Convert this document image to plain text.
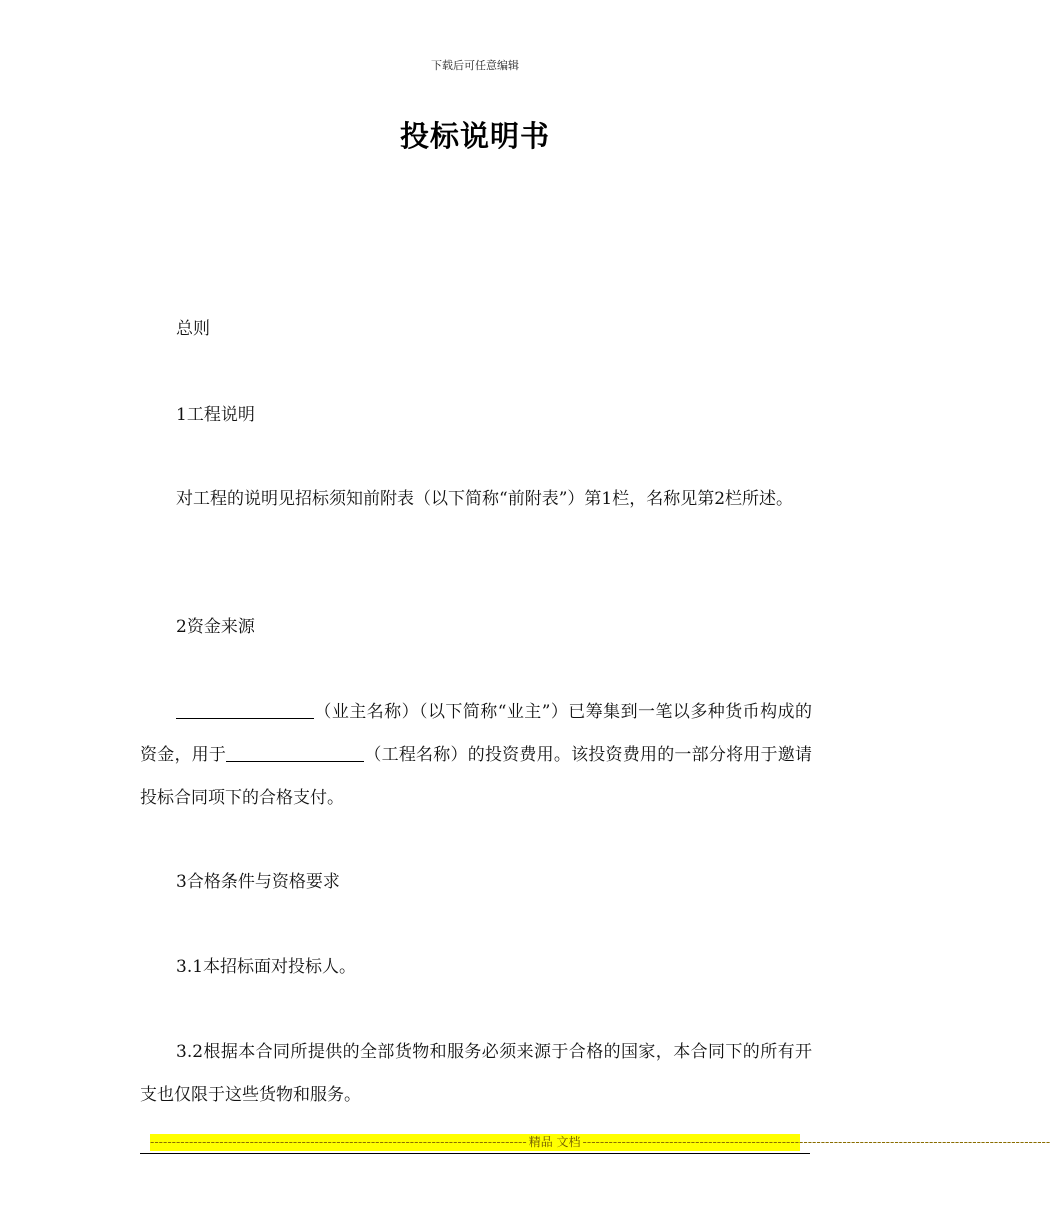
下载后可任意编辑
投标说明书

总则

1工程说明

对工程的说明见招标须知前附表（以下简称“前附表”）第1栏，名称见第2栏所述。

2资金来源

（业主名称）（以下简称“业主”）已筹集到一笔以多种货币构成的资金，用于	（工程名称）的投资费用。该投资费用的一部分将用于邀请投标合同项下的合格支付。

3合格条件与资格要求

3.1本招标面对投标人。

3.2根据本合同所提供的全部货物和服务必须来源于合格的国家，本合同下的所有开支也仅限于这些货物和服务。

--------------------------------------------------------------------------------------- 精品 文档 ------------------------------------------------------------------------------------------------------------
